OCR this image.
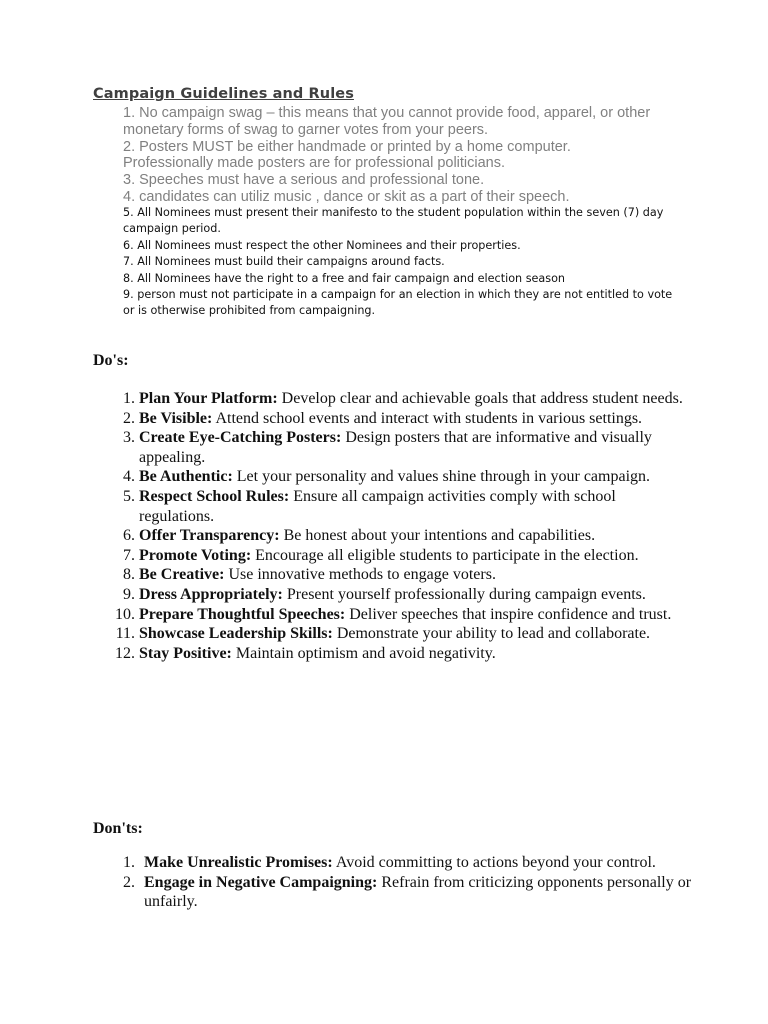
Campaign Guidelines and Rules

1. No campaign swag – this means that you cannot provide food, apparel, or other monetary forms of swag to garner votes from your peers.

2. Posters MUST be either handmade or printed by a home computer. Professionally made posters are for professional politicians.

3. Speeches must have a serious and professional tone.

4. candidates can utiliz music , dance or skit as a part of their speech.

5. All Nominees must present their manifesto to the student population within the seven (7) day campaign period.

6. All Nominees must respect the other Nominees and their properties.

7. All Nominees must build their campaigns around facts.

8. All Nominees have the right to a free and fair campaign and election season

9. person must not participate in a campaign for an election in which they are not entitled to vote or is otherwise prohibited from campaigning.

Do's:
1. Plan Your Platform: Develop clear and achievable goals that address student needs.
2. Be Visible: Attend school events and interact with students in various settings.
3. Create Eye-Catching Posters: Design posters that are informative and visually appealing.
4. Be Authentic: Let your personality and values shine through in your campaign.
5. Respect School Rules: Ensure all campaign activities comply with school regulations.
6. Offer Transparency: Be honest about your intentions and capabilities.
7. Promote Voting: Encourage all eligible students to participate in the election.
8. Be Creative: Use innovative methods to engage voters.
9. Dress Appropriately: Present yourself professionally during campaign events.
10. Prepare Thoughtful Speeches: Deliver speeches that inspire confidence and trust.
11. Showcase Leadership Skills: Demonstrate your ability to lead and collaborate.
12. Stay Positive: Maintain optimism and avoid negativity.
Don'ts:
1. Make Unrealistic Promises: Avoid committing to actions beyond your control.
2. Engage in Negative Campaigning: Refrain from criticizing opponents personally or unfairly.
